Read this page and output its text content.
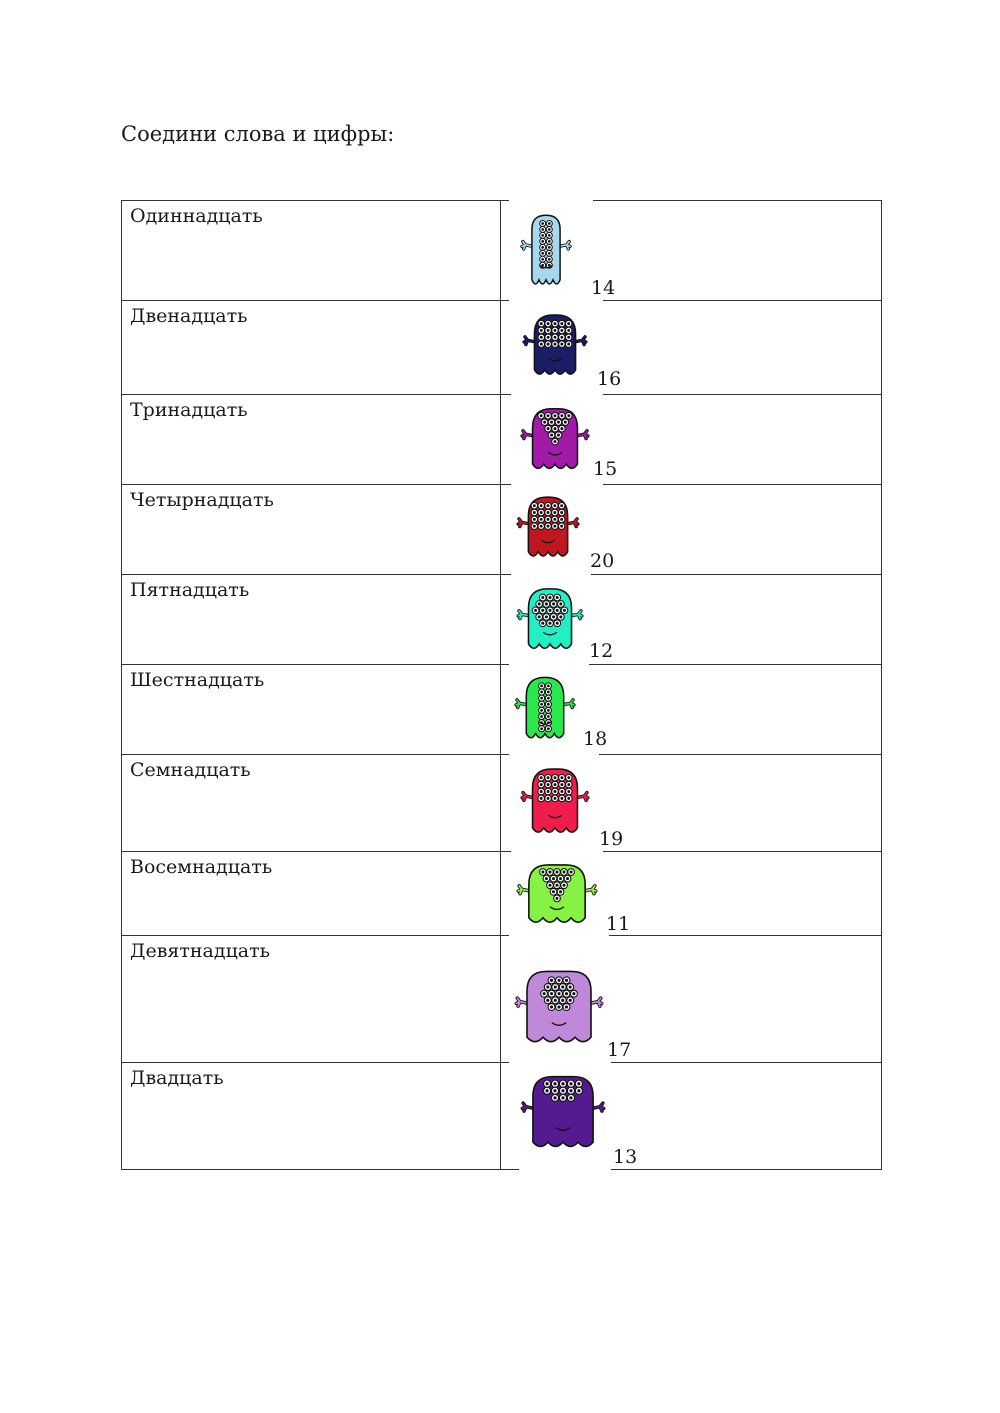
Соедини слова и цифры:
Одиннадцать	14

Двенадцать	16

Тринадцать	15

Четырнадцать	20

Пятнадцать	12

Шестнадцать	18

Семнадцать	19

Восемнадцать	11

Девятнадцать	17

Двадцать	13
